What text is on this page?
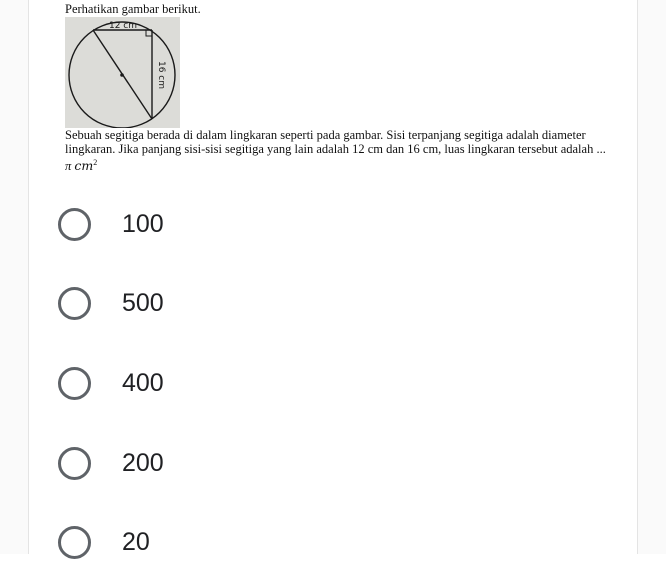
Perhatikan gambar berikut.
12 cm
16 cm
Sebuah segitiga berada di dalam lingkaran seperti pada gambar. Sisi terpanjang segitiga adalah diameter lingkaran. Jika panjang sisi-sisi segitiga yang lain adalah 12 cm dan 16 cm, luas lingkaran tersebut adalah ... π $cm^2$
100
500
400
200
20
